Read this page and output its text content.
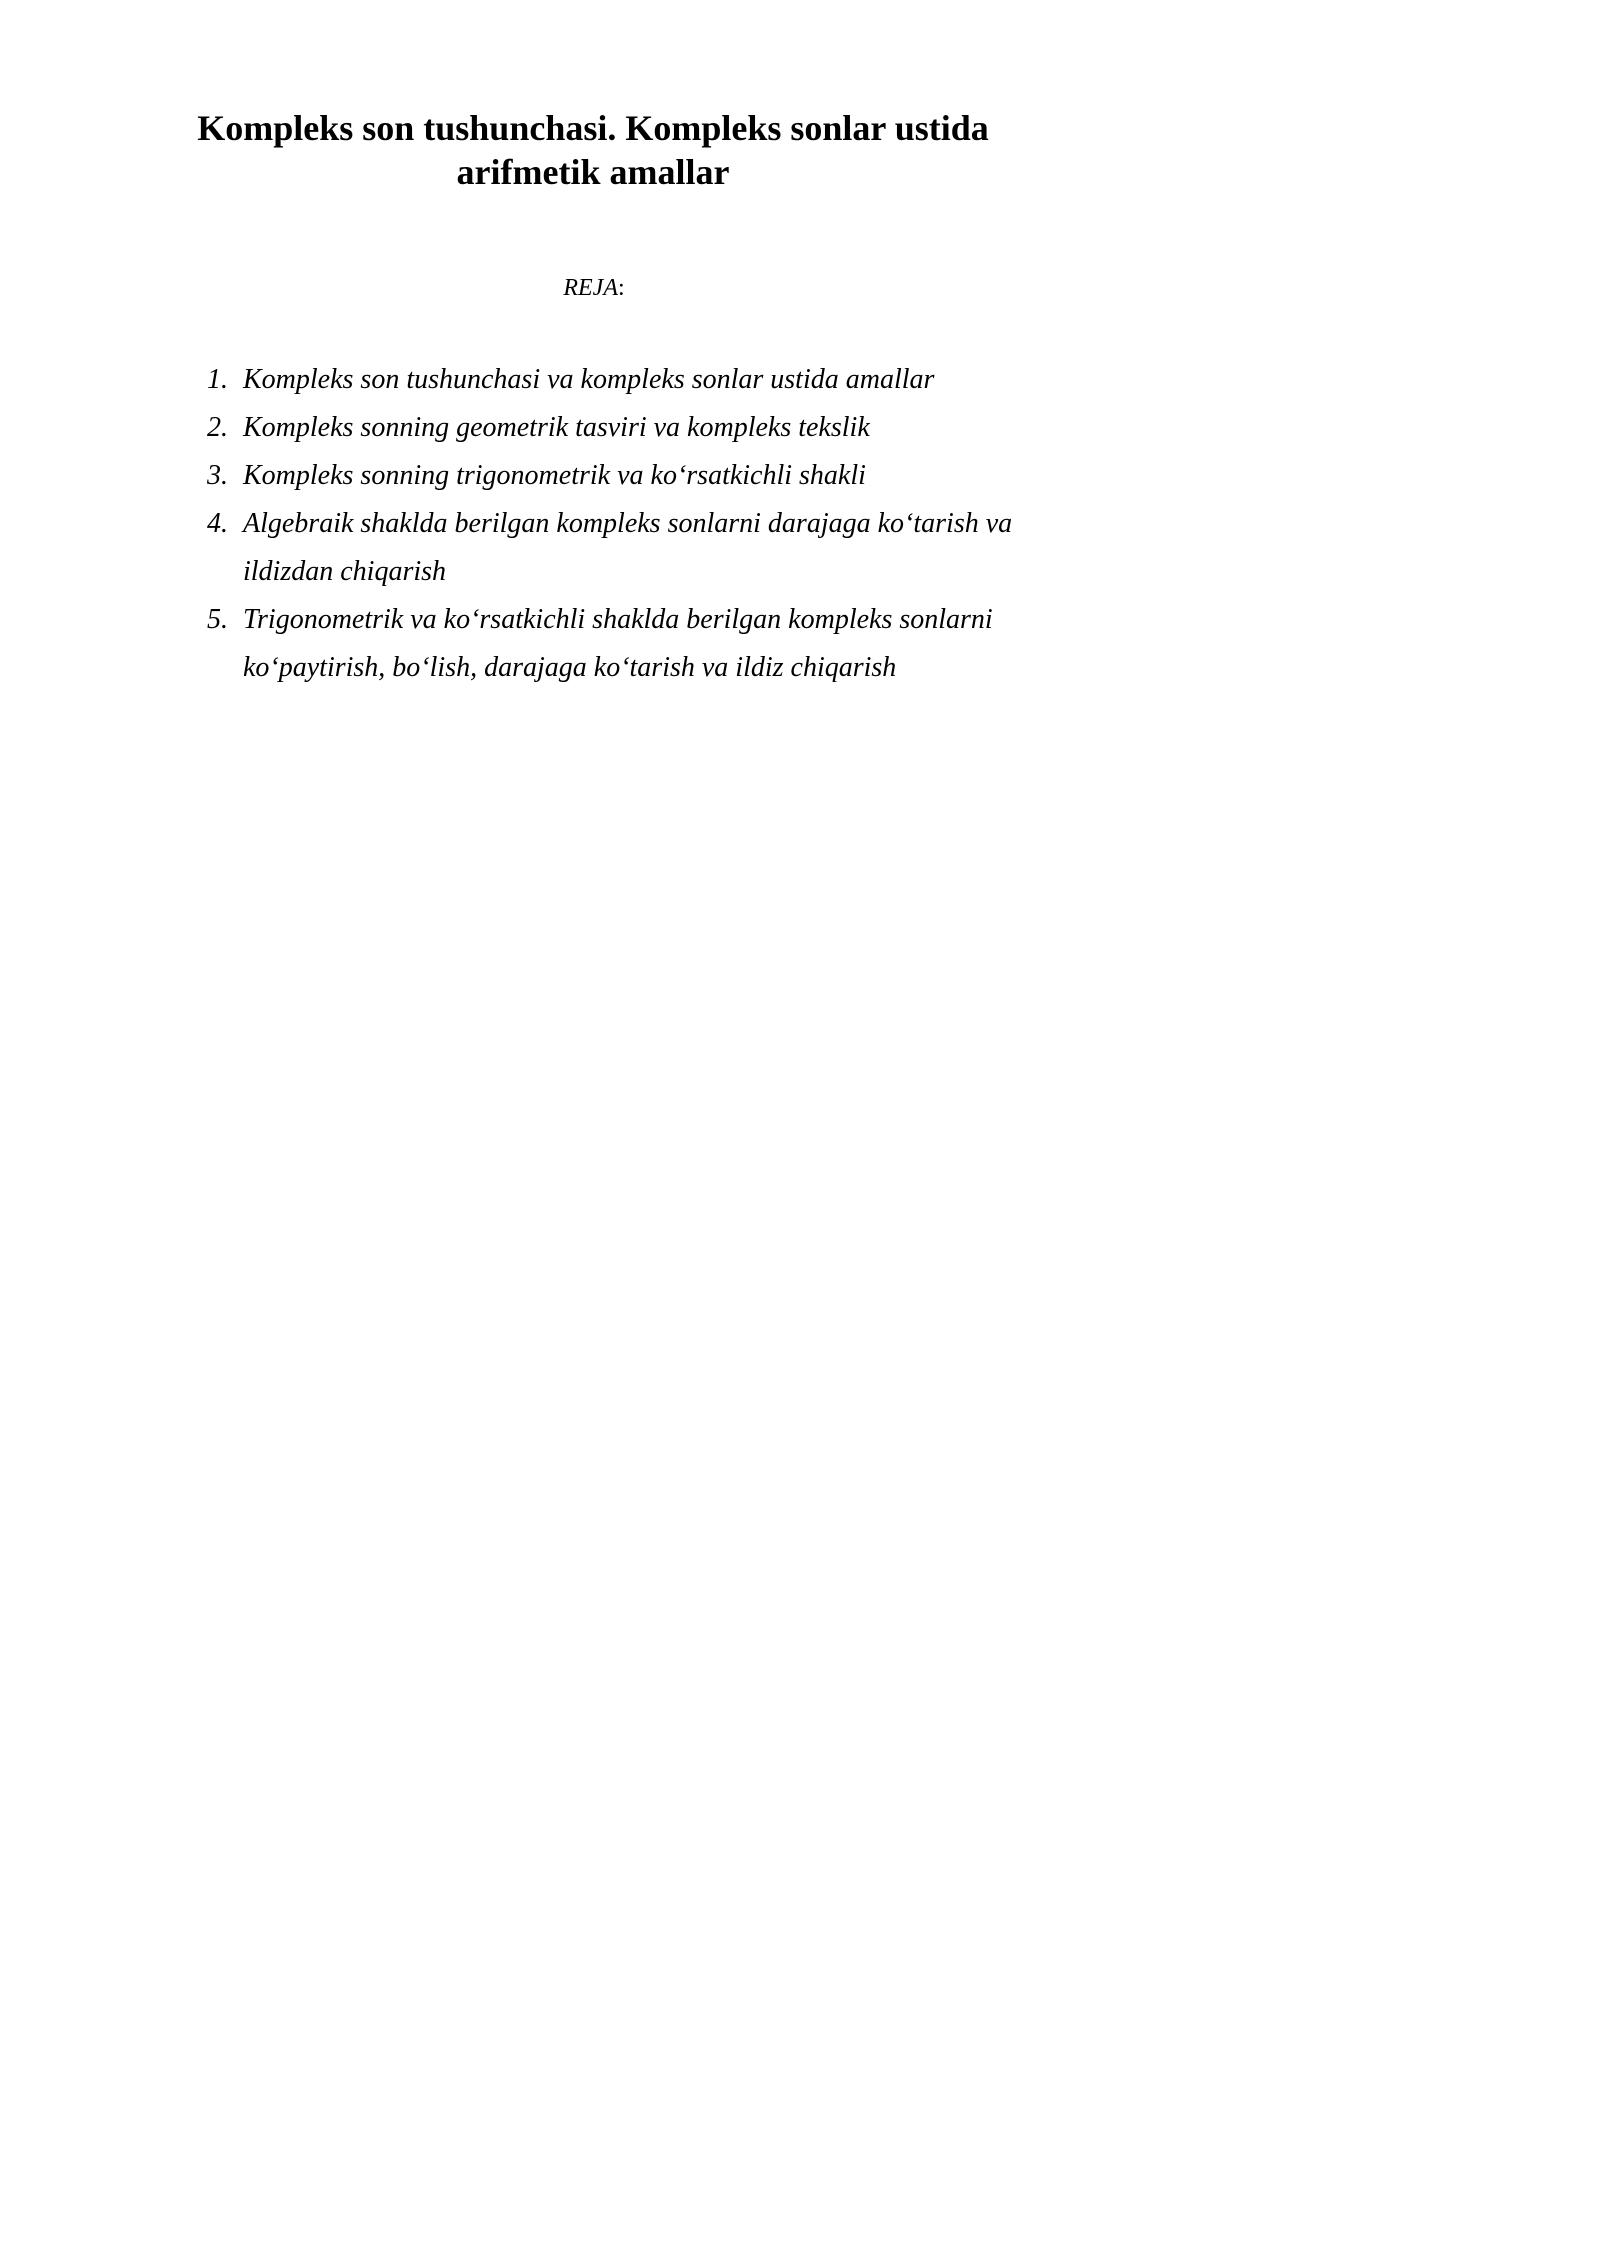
Kompleks son tushunchasi. Kompleks sonlar ustida arifmetik amallar
REJA:
1. Kompleks son tushunchasi va kompleks sonlar ustida amallar
2. Kompleks sonning geometrik tasviri va kompleks tekslik
3. Kompleks sonning trigonometrik va ko‘rsatkichli shakli
4. Algebraik shaklda berilgan kompleks sonlarni darajaga ko‘tarish va ildizdan chiqarish
5. Trigonometrik va ko‘rsatkichli shaklda berilgan kompleks sonlarni ko‘paytirish, bo‘lish, darajaga ko‘tarish va ildiz chiqarish
